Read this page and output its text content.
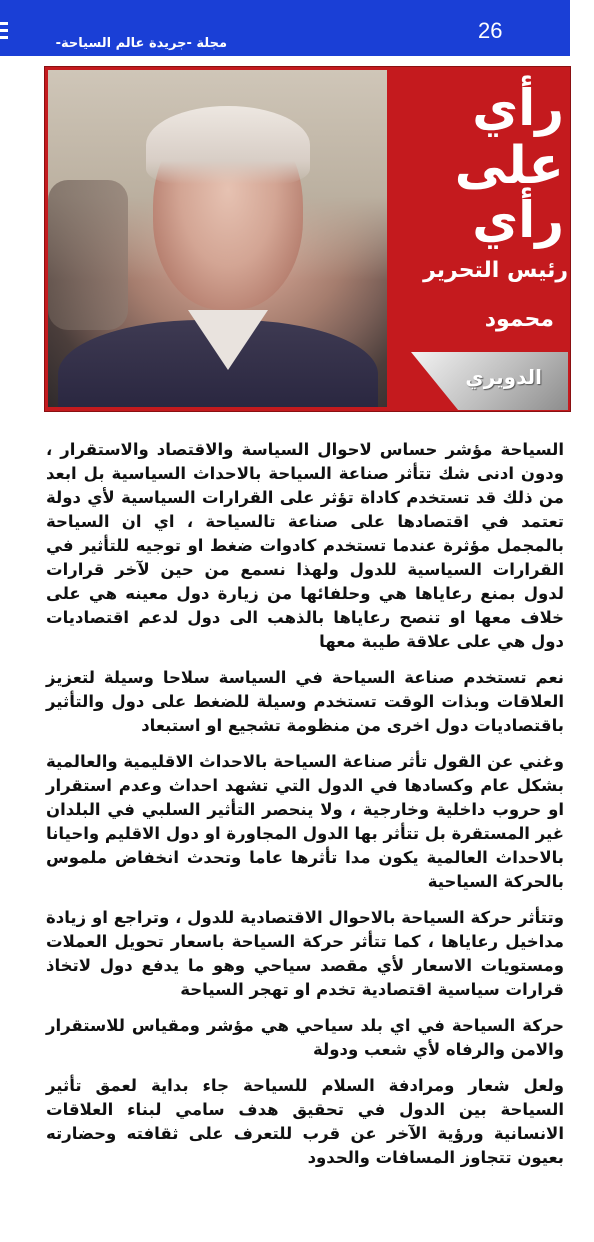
26
مجلة -جريدة عالم السياحة-
رأي
على
رأي
رئيس التحرير
محمود
الدويري

السياحة مؤشر حساس لاحوال السياسة والاقتصاد والاستقرار ، ودون ادنى شك تتأثر صناعة السياحة بالاحداث السياسية بل ابعد من ذلك قد تستخدم كاداة تؤثر على القرارات السياسية لأي دولة تعتمد في اقتصادها على صناعة تالسياحة ، اي ان السياحة بالمجمل مؤثرة عندما تستخدم كادوات ضغط او توجيه للتأثير في القرارات السياسية للدول ولهذا نسمع من حين لآخر قرارات لدول بمنع رعاياها هي وحلفائها من زيارة دول معينه هي على خلاف معها او تنصح رعاياها بالذهب الى دول لدعم اقتصاديات دول هي على علاقة طيبة معها

نعم تستخدم صناعة السياحة في السياسة سلاحا وسيلة لتعزيز العلاقات وبذات الوقت تستخدم وسيلة للضغط على دول والتأثير باقتصاديات دول اخرى من منظومة تشجيع او استبعاد

وغني عن القول تأثر صناعة السياحة بالاحداث الاقليمية والعالمية بشكل عام وكسادها في الدول التي تشهد احداث وعدم استقرار او حروب داخلية وخارجية ، ولا ينحصر التأثير السلبي في البلدان غير المستقرة بل تتأثر بها الدول المجاورة او دول الاقليم واحيانا بالاحداث العالمية يكون مدا تأثرها عاما وتحدث انخفاض ملموس بالحركة السياحية

وتتأثر حركة السياحة بالاحوال الاقتصادية للدول ، وتراجع او زيادة مداخيل رعاياها ، كما تتأثر حركة السياحة باسعار تحويل العملات ومستويات الاسعار لأي مقصد سياحي وهو ما يدفع دول لاتخاذ قرارات سياسية اقتصادية تخدم او تهجر السياحة

حركة السياحة في اي بلد سياحي هي مؤشر ومقياس للاستقرار والامن والرفاه لأي شعب ودولة

ولعل شعار ومرادفة السلام للسياحة جاء بداية لعمق تأثير السياحة بين الدول في تحقيق هدف سامي لبناء العلاقات الانسانية ورؤية الآخر عن قرب للتعرف على ثقافته وحضارته بعيون تتجاوز المسافات والحدود
